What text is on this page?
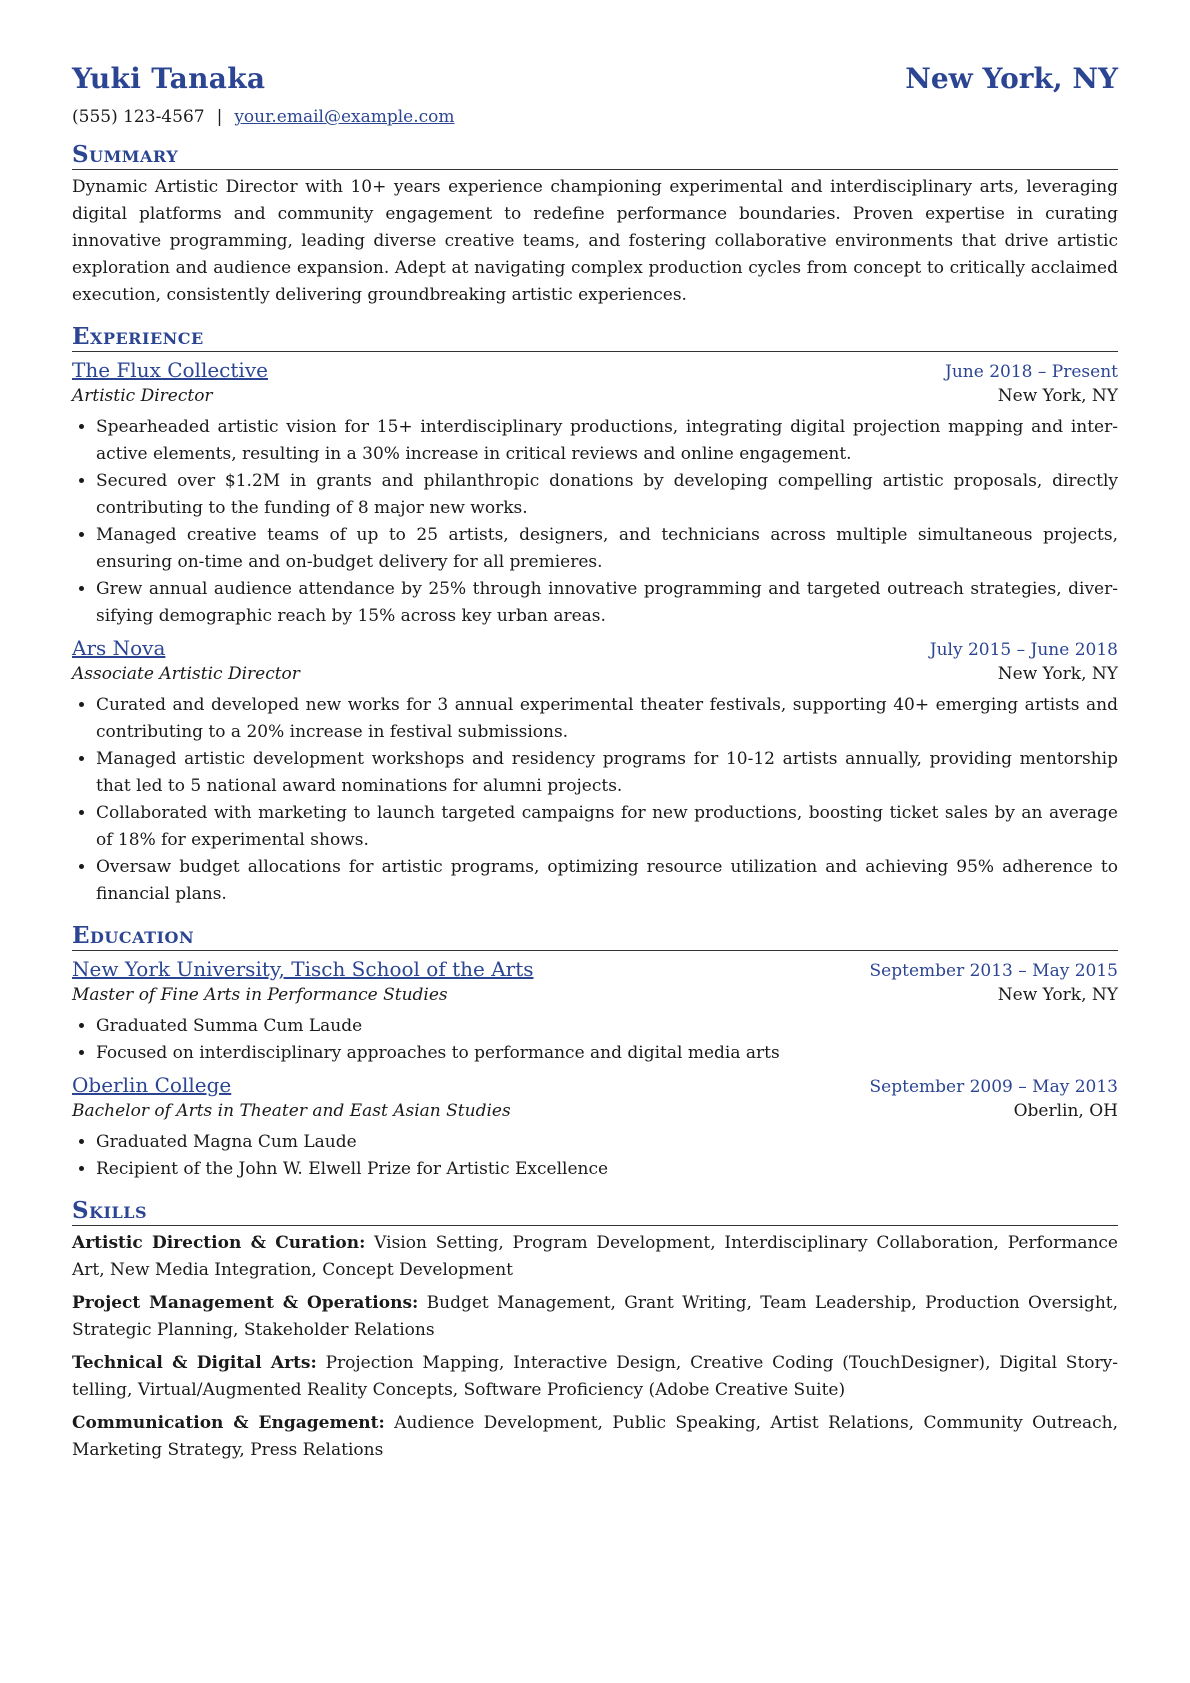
Yuki Tanaka	New York, NY
(555) 123-4567 | your.email@example.com
Summary
Dynamic Artistic Director with 10+ years experience championing experimental and interdisciplinary arts, leveraging digital platforms and community engagement to redefine performance boundaries. Proven expertise in curating innovative programming, leading diverse creative teams, and fostering collaborative environments that drive artistic exploration and audience expansion. Adept at navigating complex production cycles from concept to critically acclaimed execution, consistently delivering groundbreaking artistic experiences.
Experience
The Flux Collective	June 2018 – Present
Artistic Director	New York, NY
• Spearheaded artistic vision for 15+ interdisciplinary productions, integrating digital projection mapping and interactive elements, resulting in a 30% increase in critical reviews and online engagement.
• Secured over $1.2M in grants and philanthropic donations by developing compelling artistic proposals, directly contributing to the funding of 8 major new works.
• Managed creative teams of up to 25 artists, designers, and technicians across multiple simultaneous projects, ensuring on-time and on-budget delivery for all premieres.
• Grew annual audience attendance by 25% through innovative programming and targeted outreach strategies, diversifying demographic reach by 15% across key urban areas.
Ars Nova	July 2015 – June 2018
Associate Artistic Director	New York, NY
• Curated and developed new works for 3 annual experimental theater festivals, supporting 40+ emerging artists and contributing to a 20% increase in festival submissions.
• Managed artistic development workshops and residency programs for 10-12 artists annually, providing mentorship that led to 5 national award nominations for alumni projects.
• Collaborated with marketing to launch targeted campaigns for new productions, boosting ticket sales by an average of 18% for experimental shows.
• Oversaw budget allocations for artistic programs, optimizing resource utilization and achieving 95% adherence to financial plans.
Education
New York University, Tisch School of the Arts	September 2013 – May 2015
Master of Fine Arts in Performance Studies	New York, NY
• Graduated Summa Cum Laude
• Focused on interdisciplinary approaches to performance and digital media arts
Oberlin College	September 2009 – May 2013
Bachelor of Arts in Theater and East Asian Studies	Oberlin, OH
• Graduated Magna Cum Laude
• Recipient of the John W. Elwell Prize for Artistic Excellence
Skills
Artistic Direction & Curation: Vision Setting, Program Development, Interdisciplinary Collaboration, Performance Art, New Media Integration, Concept Development
Project Management & Operations: Budget Management, Grant Writing, Team Leadership, Production Oversight, Strategic Planning, Stakeholder Relations
Technical & Digital Arts: Projection Mapping, Interactive Design, Creative Coding (TouchDesigner), Digital Storytelling, Virtual/Augmented Reality Concepts, Software Proficiency (Adobe Creative Suite)
Communication & Engagement: Audience Development, Public Speaking, Artist Relations, Community Outreach, Marketing Strategy, Press Relations
